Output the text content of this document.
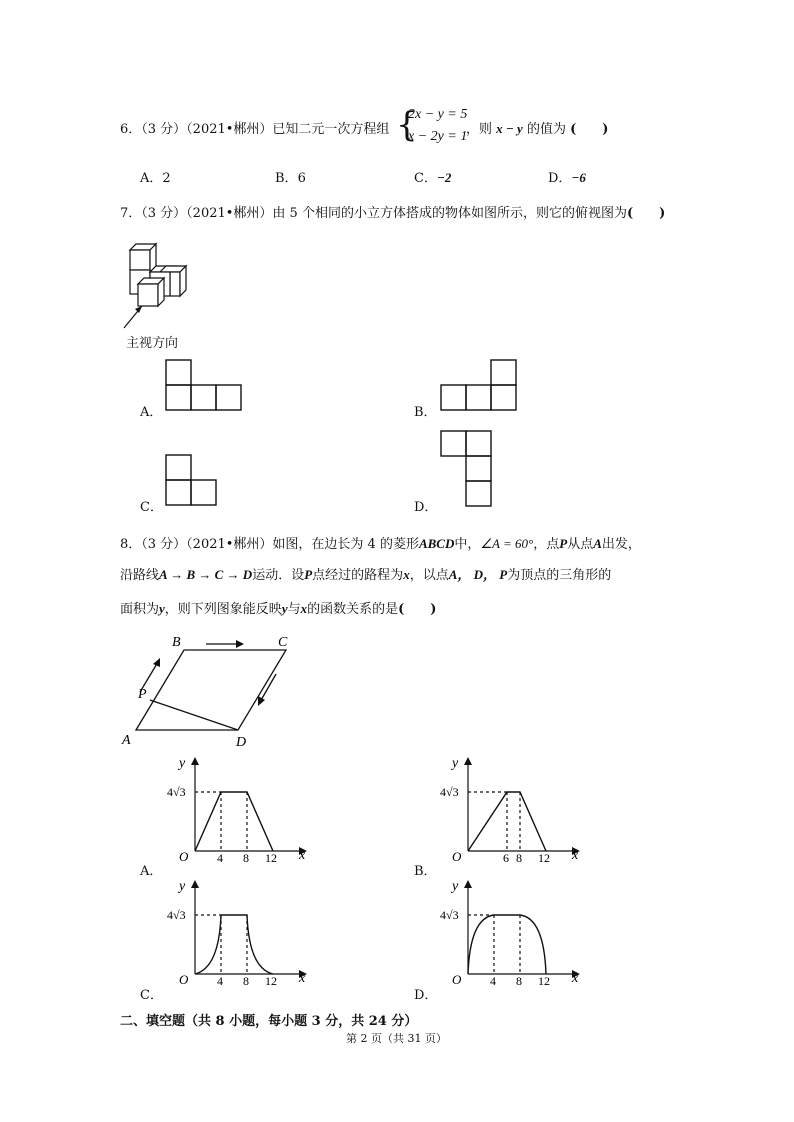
6．（3 分）（2021•郴州）已知二元一次方程组 {
2x − y = 5
x − 2y = 1
，则 x − y 的值为 (　　)
A．2	B．6	C．−2	D．−6
7．（3 分）（2021•郴州）由 5 个相同的小立方体搭成的物体如图所示，则它的俯视图为(　　)
主视方向
A．	B．
C．	D．
8．（3 分）（2021•郴州）如图，在边长为 4 的菱形ABCD中，∠A = 60°，点P从点A出发，
沿路线A → B → C → D运动．设P点经过的路程为x，以点A， D， P为顶点的三角形的
面积为y，则下列图象能反映y与x的函数关系的是(　　)
B	C
P
A	D
y
x
O
4√3
4 8 12
A．
y
x
O
4√3
6 8 12
B．
y
x
O
4√3
4 8 12
C．
y
x
O
4√3
4 8 12
D．
二、填空题（共 8 小题，每小题 3 分，共 24 分）
第 2 页（共 31 页）
